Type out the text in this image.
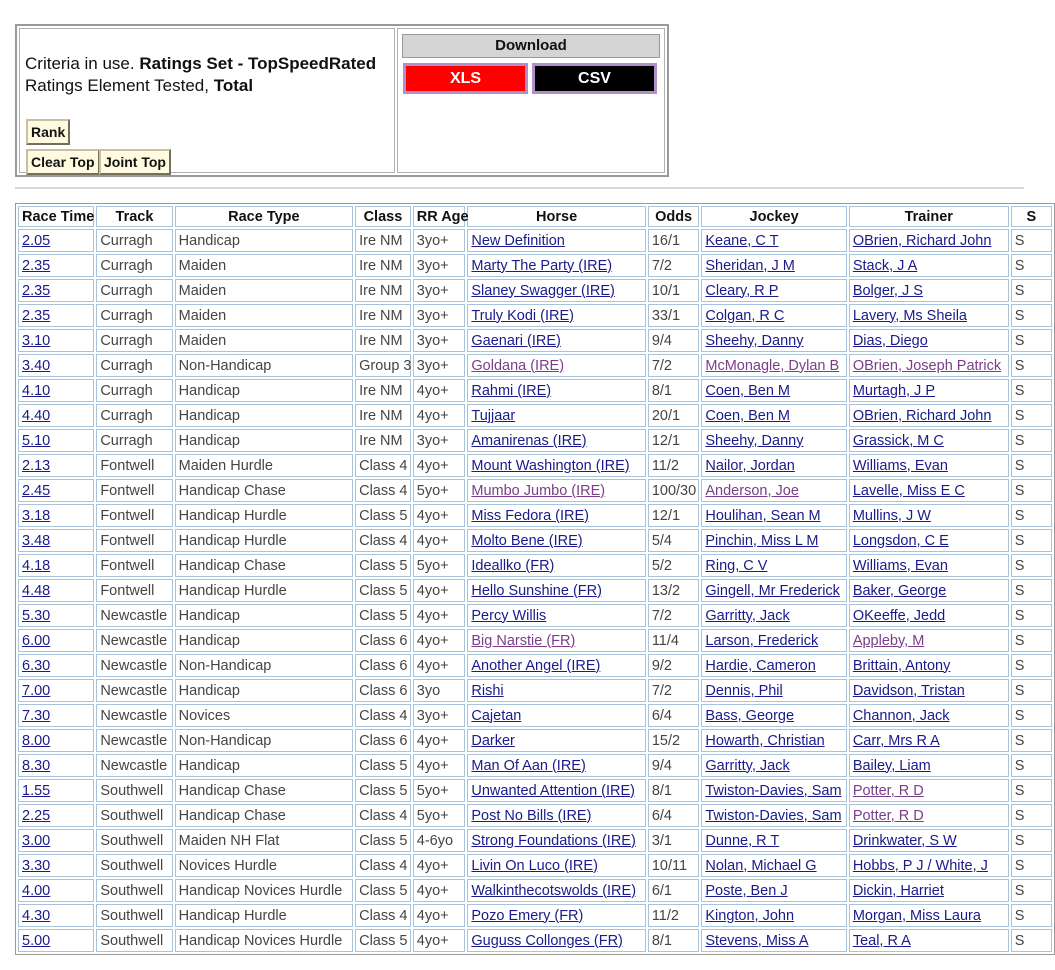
Criteria in use. Ratings Set - TopSpeedRated
Ratings Element Tested, Total
Rank
Clear Top Joint Top
Download
XLS	CSV
Race Time	Track	Race Type	Class	RR Age	Horse	Odds	Jockey	Trainer	S
2.05	Curragh	Handicap	Ire NM	3yo+	New Definition	16/1	Keane, C T	OBrien, Richard John	S
2.35	Curragh	Maiden	Ire NM	3yo+	Marty The Party (IRE)	7/2	Sheridan, J M	Stack, J A	S
2.35	Curragh	Maiden	Ire NM	3yo+	Slaney Swagger (IRE)	10/1	Cleary, R P	Bolger, J S	S
2.35	Curragh	Maiden	Ire NM	3yo+	Truly Kodi (IRE)	33/1	Colgan, R C	Lavery, Ms Sheila	S
3.10	Curragh	Maiden	Ire NM	3yo+	Gaenari (IRE)	9/4	Sheehy, Danny	Dias, Diego	S
3.40	Curragh	Non-Handicap	Group 3	3yo+	Goldana (IRE)	7/2	McMonagle, Dylan B	OBrien, Joseph Patrick	S
4.10	Curragh	Handicap	Ire NM	4yo+	Rahmi (IRE)	8/1	Coen, Ben M	Murtagh, J P	S
4.40	Curragh	Handicap	Ire NM	4yo+	Tujjaar	20/1	Coen, Ben M	OBrien, Richard John	S
5.10	Curragh	Handicap	Ire NM	3yo+	Amanirenas (IRE)	12/1	Sheehy, Danny	Grassick, M C	S
2.13	Fontwell	Maiden Hurdle	Class 4	4yo+	Mount Washington (IRE)	11/2	Nailor, Jordan	Williams, Evan	S
2.45	Fontwell	Handicap Chase	Class 4	5yo+	Mumbo Jumbo (IRE)	100/30	Anderson, Joe	Lavelle, Miss E C	S
3.18	Fontwell	Handicap Hurdle	Class 5	4yo+	Miss Fedora (IRE)	12/1	Houlihan, Sean M	Mullins, J W	S
3.48	Fontwell	Handicap Hurdle	Class 4	4yo+	Molto Bene (IRE)	5/4	Pinchin, Miss L M	Longsdon, C E	S
4.18	Fontwell	Handicap Chase	Class 5	5yo+	Ideallko (FR)	5/2	Ring, C V	Williams, Evan	S
4.48	Fontwell	Handicap Hurdle	Class 5	4yo+	Hello Sunshine (FR)	13/2	Gingell, Mr Frederick	Baker, George	S
5.30	Newcastle	Handicap	Class 5	4yo+	Percy Willis	7/2	Garritty, Jack	OKeeffe, Jedd	S
6.00	Newcastle	Handicap	Class 6	4yo+	Big Narstie (FR)	11/4	Larson, Frederick	Appleby, M	S
6.30	Newcastle	Non-Handicap	Class 6	4yo+	Another Angel (IRE)	9/2	Hardie, Cameron	Brittain, Antony	S
7.00	Newcastle	Handicap	Class 6	3yo	Rishi	7/2	Dennis, Phil	Davidson, Tristan	S
7.30	Newcastle	Novices	Class 4	3yo+	Cajetan	6/4	Bass, George	Channon, Jack	S
8.00	Newcastle	Non-Handicap	Class 6	4yo+	Darker	15/2	Howarth, Christian	Carr, Mrs R A	S
8.30	Newcastle	Handicap	Class 5	4yo+	Man Of Aan (IRE)	9/4	Garritty, Jack	Bailey, Liam	S
1.55	Southwell	Handicap Chase	Class 5	5yo+	Unwanted Attention (IRE)	8/1	Twiston-Davies, Sam	Potter, R D	S
2.25	Southwell	Handicap Chase	Class 4	5yo+	Post No Bills (IRE)	6/4	Twiston-Davies, Sam	Potter, R D	S
3.00	Southwell	Maiden NH Flat	Class 5	4-6yo	Strong Foundations (IRE)	3/1	Dunne, R T	Drinkwater, S W	S
3.30	Southwell	Novices Hurdle	Class 4	4yo+	Livin On Luco (IRE)	10/11	Nolan, Michael G	Hobbs, P J / White, J	S
4.00	Southwell	Handicap Novices Hurdle	Class 5	4yo+	Walkinthecotswolds (IRE)	6/1	Poste, Ben J	Dickin, Harriet	S
4.30	Southwell	Handicap Hurdle	Class 4	4yo+	Pozo Emery (FR)	11/2	Kington, John	Morgan, Miss Laura	S
5.00	Southwell	Handicap Novices Hurdle	Class 5	4yo+	Guguss Collonges (FR)	8/1	Stevens, Miss A	Teal, R A	S
